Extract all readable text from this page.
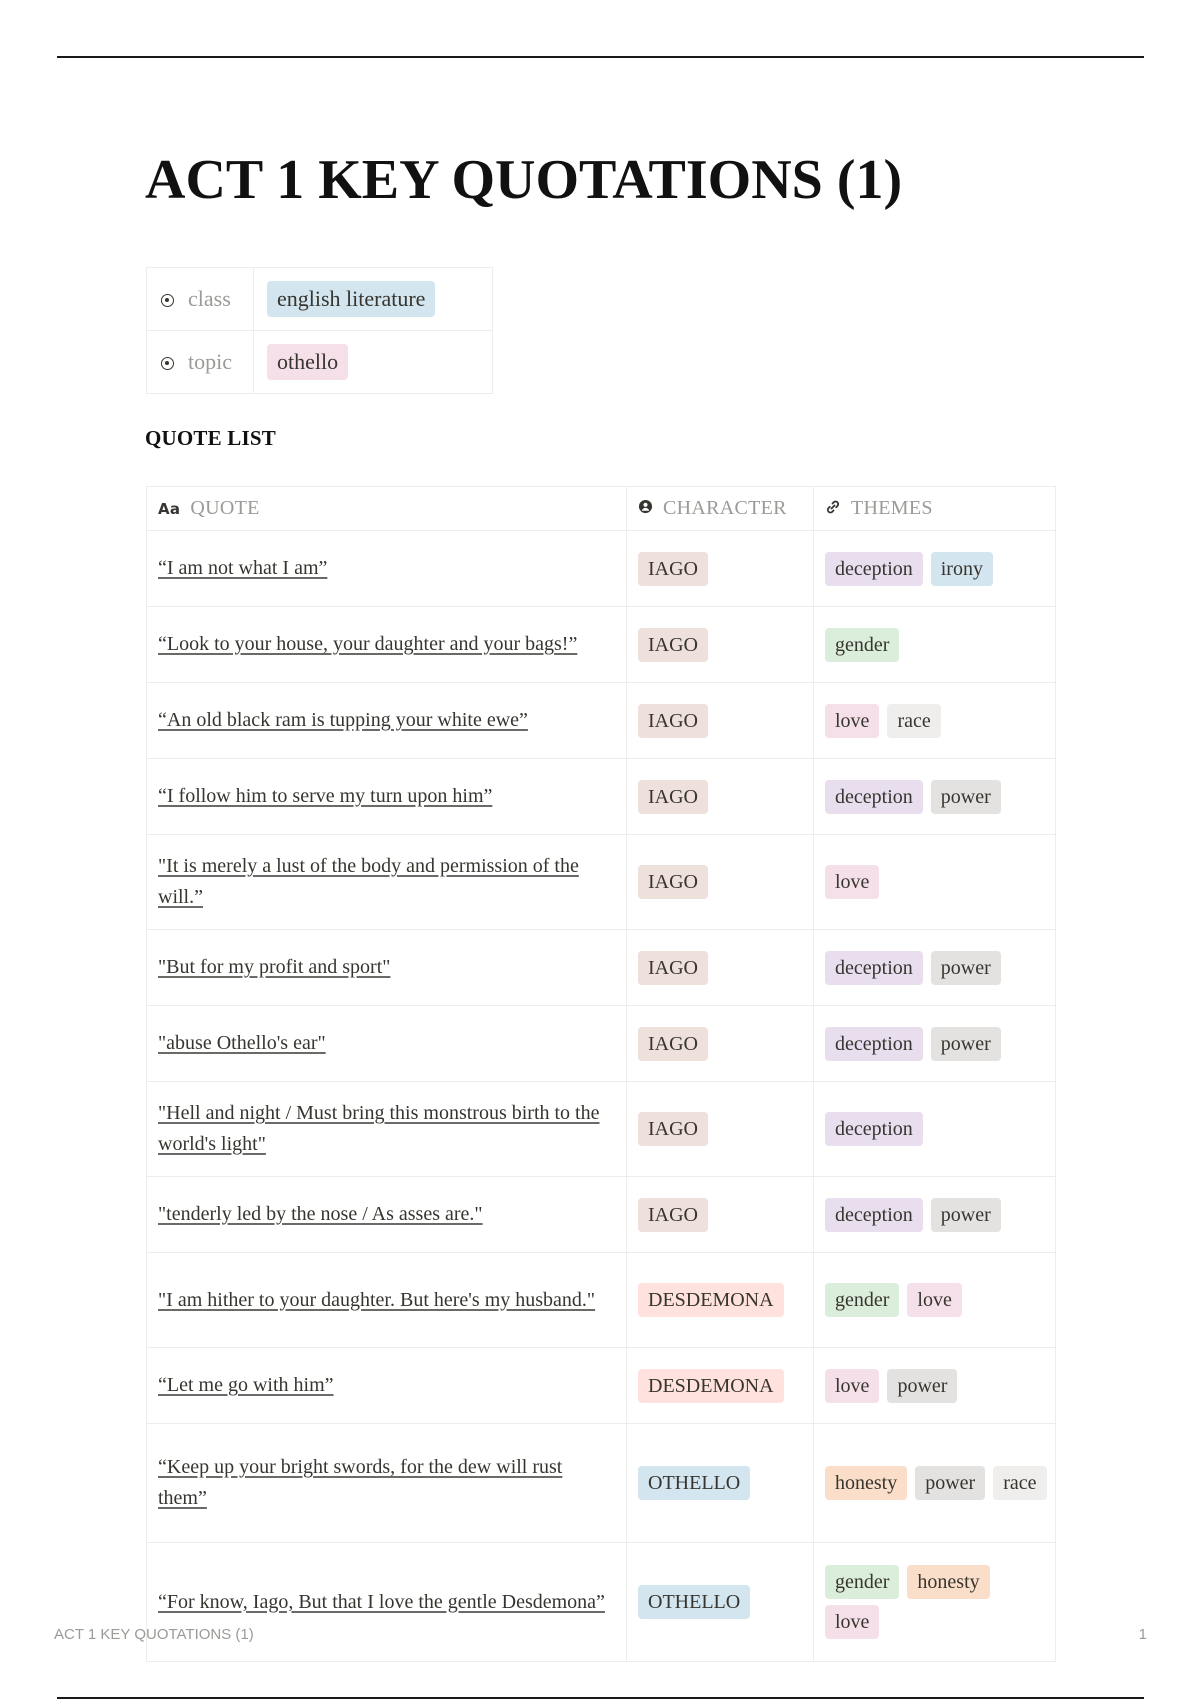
ACT 1 KEY QUOTATIONS (1)
class	english literature

topic	othello
QUOTE LIST
Aa QUOTE	CHARACTER	THEMES

“I am not what I am”	IAGO	deception irony
“Look to your house, your daughter and your bags!”	IAGO	gender
“An old black ram is tupping your white ewe”	IAGO	love race
“I follow him to serve my turn upon him”	IAGO	deception power
"It is merely a lust of the body and permission of the will.”	IAGO	love
"But for my profit and sport"	IAGO	deception power
"abuse Othello's ear"	IAGO	deception power
"Hell and night / Must bring this monstrous birth to the world's light"	IAGO	deception
"tenderly led by the nose / As asses are."	IAGO	deception power
"I am hither to your daughter. But here's my husband."	DESDEMONA	gender love
“Let me go with him”	DESDEMONA	love power
“Keep up your bright swords, for the dew will rust them”	OTHELLO	honesty power race
“For know, Iago, But that I love the gentle Desdemona”	OTHELLO	gender honestylove
ACT 1 KEY QUOTATIONS (1)	1
